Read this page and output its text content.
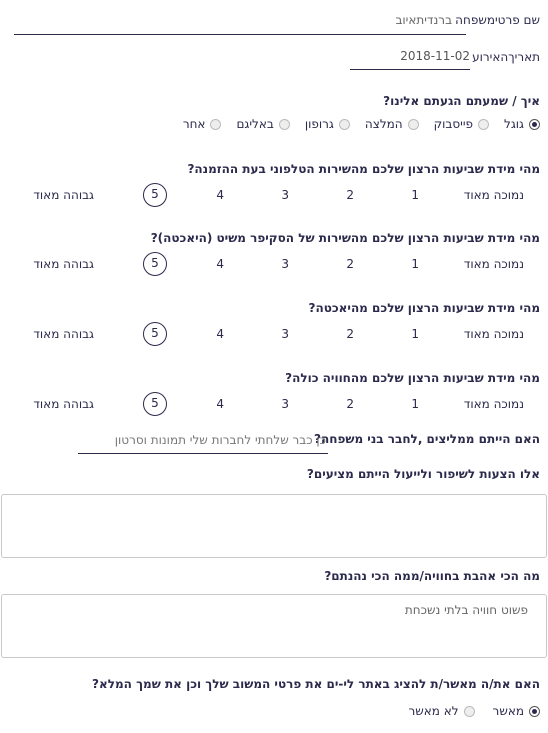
שם פרטימשפחה
ברנדיתאיוב
תאריךהאירוע
2018-11-02
איך / שמעתם הגעתם אלינו?
גוגל
פייסבוק
המלצה
גרופון
באליגם
אחר
מהי מידת שביעות הרצון שלכם מהשירות הטלפוני בעת ההזמנה?
נמוכה מאוד
1
2
3
4
5
גבוהה מאוד
מהי מידת שביעות הרצון שלכם מהשירות של הסקיפר משיט (היאכטה)?
נמוכה מאוד
1
2
3
4
5
גבוהה מאוד
מהי מידת שביעות הרצון שלכם מהיאכטה?
נמוכה מאוד
1
2
3
4
5
גבוהה מאוד
מהי מידת שביעות הרצון שלכם מהחוויה כולה?
נמוכה מאוד
1
2
3
4
5
גבוהה מאוד
האם הייתם ממליצים ,לחבר בני משפחה?
כן כבר שלחתי לחברות שלי תמונות וסרטון
אלו הצעות לשיפור ולייעול הייתם מציעים?
מה הכי אהבת בחוויה/ממה הכי נהנתם?
פשוט חוויה בלתי נשכחת
האם את/ה מאשר/ת להציג באתר לי-ים את פרטי המשוב שלך וכן את שמך המלא?
מאשר
לא מאשר
